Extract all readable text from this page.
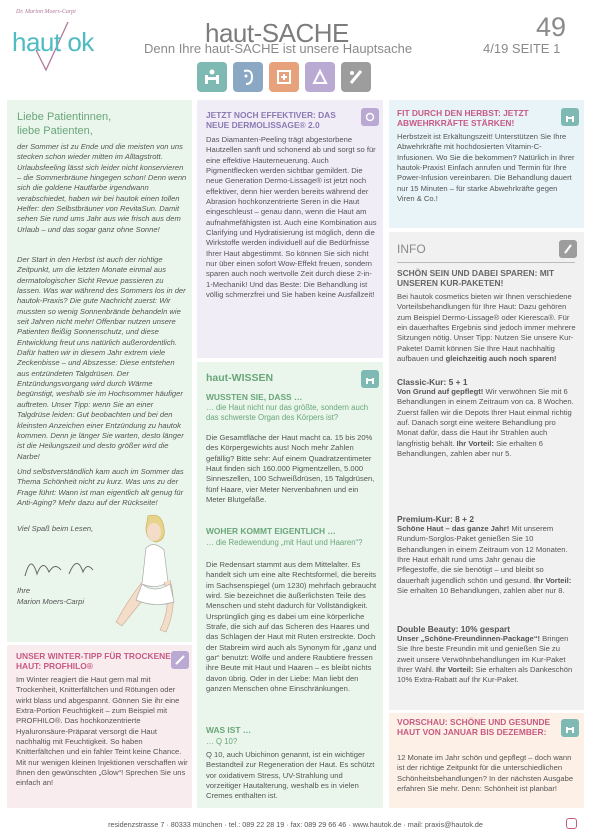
Dr. Marion Moers-Carpi
haut ok	haut-SACHE
Denn Ihre haut-SACHE ist unsere Hauptsache
49
4/19 SEITE 1
Liebe Patientinnen,
liebe Patienten,
der Sommer ist zu Ende und die meisten von uns stecken schon wieder mitten im Alltagstrott. Urlaubsfeeling lässt sich leider nicht konservieren – die Sommerbräune hingegen schon! Denn wenn sich die goldene Hautfarbe irgendwann verabschiedet, haben wir bei hautok einen tollen Helfer: den Selbstbräuner von RevitaSun. Damit sehen Sie rund ums Jahr aus wie frisch aus dem Urlaub – und das sogar ganz ohne Sonne!
Der Start in den Herbst ist auch der richtige Zeitpunkt, um die letzten Monate einmal aus dermatologischer Sicht Revue passieren zu lassen. Was war während des Sommers los in der hautok-Praxis? Die gute Nachricht zuerst: Wir mussten so wenig Sonnenbrände behandeln wie seit Jahren nicht mehr! Offenbar nutzen unsere Patienten fleißig Sonnenschutz, und diese Entwicklung freut uns natürlich außerordentlich. Dafür hatten wir in diesem Jahr extrem viele Zeckenbisse – und Abszesse: Diese entstehen aus entzündeten Talgdrüsen. Der Entzündungsvorgang wird durch Wärme begünstigt, weshalb sie im Hochsommer häufiger auftreten. Unser Tipp: wenn Sie an einer Talgdrüse leiden: Gut beobachten und bei den kleinsten Anzeichen einer Entzündung zu hautok kommen. Denn je länger Sie warten, desto länger ist die Heilungszeit und desto größer wird die Narbe!
Und selbstverständlich kam auch im Sommer das Thema Schönheit nicht zu kurz. Was uns zu der Frage führt: Wann ist man eigentlich alt genug für Anti-Aging? Mehr dazu auf der Rückseite!
Viel Spaß beim Lesen,
Ihre
Marion Moers-Carpi
UNSER WINTER-TIPP FÜR TROCKENE HAUT: PROFHILO®
Im Winter reagiert die Haut gern mal mit Trockenheit, Knitterfältchen und Rötungen oder wirkt blass und abgespannt. Gönnen Sie ihr eine Extra-Portion Feuchtigkeit – zum Beispiel mit PROFHILO®. Das hochkonzentrierte Hyaluronsäure-Präparat versorgt die Haut nachhaltig mit Feuchtigkeit. So haben Knitterfältchen und ein fahler Teint keine Chance. Mit nur wenigen kleinen Injektionen verschaffen wir Ihnen den gewünschten „Glow“! Sprechen Sie uns einfach an!
JETZT NOCH EFFEKTIVER: DAS NEUE DERMOLISSAGE® 2.0
Das Diamanten-Peeling trägt abgestorbene Hautzellen sanft und schonend ab und sorgt so für eine effektive Hauterneuerung. Auch Pigmentflecken werden sichtbar gemildert. Die neue Generation Dermo-Lissage® ist jetzt noch effektiver, denn hier werden bereits während der Abrasion hochkonzentrierte Seren in die Haut eingeschleust – genau dann, wenn die Haut am aufnahmefähigsten ist. Auch eine Kombination aus Clarifying und Hydratisierung ist möglich, denn die Wirkstoffe werden individuell auf die Bedürfnisse Ihrer Haut abgestimmt. So können Sie sich nicht nur über einen sofort Wow-Effekt freuen, sondern sparen auch noch wertvolle Zeit durch diese 2-in-1-Mechanik! Und das Beste: Die Behandlung ist völlig schmerzfrei und Sie haben keine Ausfallzeit!
haut-WISSEN
WUSSTEN SIE, DASS …
… die Haut nicht nur das größte, sondern auch das schwerste Organ des Körpers ist?
Die Gesamtfläche der Haut macht ca. 15 bis 20% des Körpergewichts aus! Noch mehr Zahlen gefällig? Bitte sehr: Auf einem Quadratzentimeter Haut finden sich 160.000 Pigmentzellen, 5.000 Sinneszellen, 100 Schweißdrüsen, 15 Talgdrüsen, fünf Haare, vier Meter Nervenbahnen und ein Meter Blutgefäße.
WOHER KOMMT EIGENTLICH …
… die Redewendung „mit Haut und Haaren“?
Die Redensart stammt aus dem Mittelalter. Es handelt sich um eine alte Rechtsformel, die bereits im Sachsenspiegel (um 1230) mehrfach gebraucht wird. Sie bezeichnet die äußerlichsten Teile des Menschen und steht dadurch für Vollständigkeit. Ursprünglich ging es dabei um eine körperliche Strafe, die sich auf das Scheren des Haares und das Schlagen der Haut mit Ruten erstreckte. Doch der Stabreim wird auch als Synonym für „ganz und gar“ benutzt: Wölfe und andere Raubtiere fressen ihre Beute mit Haut und Haaren – es bleibt nichts davon übrig. Oder in der Liebe: Man liebt den ganzen Menschen ohne Einschränkungen.
WAS IST …
… Q 10?
Q 10, auch Ubichinon genannt, ist ein wichtiger Bestandteil zur Regeneration der Haut. Es schützt vor oxidativem Stress, UV-Strahlung und vorzeitiger Hautalterung, weshalb es in vielen Cremes enthalten ist.
FIT DURCH DEN HERBST: JETZT ABWEHRKRÄFTE STÄRKEN!
Herbstzeit ist Erkältungszeit! Unterstützen Sie Ihre Abwehrkräfte mit hochdosierten Vitamin-C-Infusionen. Wo Sie die bekommen? Natürlich in Ihrer hautok-Praxis! Einfach anrufen und Termin für Ihre Power-Infusion vereinbaren. Die Behandlung dauert nur 15 Minuten – für starke Abwehrkräfte gegen Viren & Co.!
INFO
SCHÖN SEIN UND DABEI SPAREN: MIT UNSEREN KUR-PAKETEN!
Bei hautok cosmetics bieten wir Ihnen verschiedene Vorteilsbehandlungen für Ihre Haut: Dazu gehören zum Beispiel Dermo-Lissage® oder Kieresca®. Für ein dauerhaftes Ergebnis sind jedoch immer mehrere Sitzungen nötig. Unser Tipp: Nutzen Sie unsere Kur-Pakete! Damit können Sie Ihre Haut nachhaltig aufbauen und gleichzeitig auch noch sparen!
Classic-Kur: 5 + 1
Von Grund auf gepflegt! Wir verwöhnen Sie mit 6 Behandlungen in einem Zeitraum von ca. 8 Wochen. Zuerst fallen wir die Depots Ihrer Haut einmal richtig auf. Danach sorgt eine weitere Behandlung pro Monat dafür, dass die Haut ihr Strahlen auch langfristig behält. Ihr Vorteil: Sie erhalten 6 Behandlungen, zahlen aber nur 5.
Premium-Kur: 8 + 2
Schöne Haut – das ganze Jahr! Mit unserem Rundum-Sorglos-Paket genießen Sie 10 Behandlungen in einem Zeitraum von 12 Monaten. Ihre Haut erhält rund ums Jahr genau die Pflegestoffe, die sie benötigt – und bleibt so dauerhaft jugendlich schön und gesund. Ihr Vorteil: Sie erhalten 10 Behandlungen, zahlen aber nur 8.
Double Beauty: 10% gespart
Unser „Schöne-Freundinnen-Package“! Bringen Sie Ihre beste Freundin mit und genießen Sie zu zweit unsere Verwöhnbehandlungen im Kur-Paket Ihrer Wahl. Ihr Vorteil: Sie erhalten als Dankeschön 10% Extra-Rabatt auf Ihr Kur-Paket.
VORSCHAU: SCHÖNE UND GESUNDE HAUT VON JANUAR BIS DEZEMBER:
12 Monate im Jahr schön und gepflegt – doch wann ist der richtige Zeitpunkt für die unterschiedlichen Schönheitsbehandlungen? In der nächsten Ausgabe erfahren Sie mehr. Denn: Schönheit ist planbar!
residenzstrasse 7 · 80333 münchen · tel.: 089 22 28 19 · fax: 089 29 66 46 · www.hautok.de · mail: praxis@hautok.de
